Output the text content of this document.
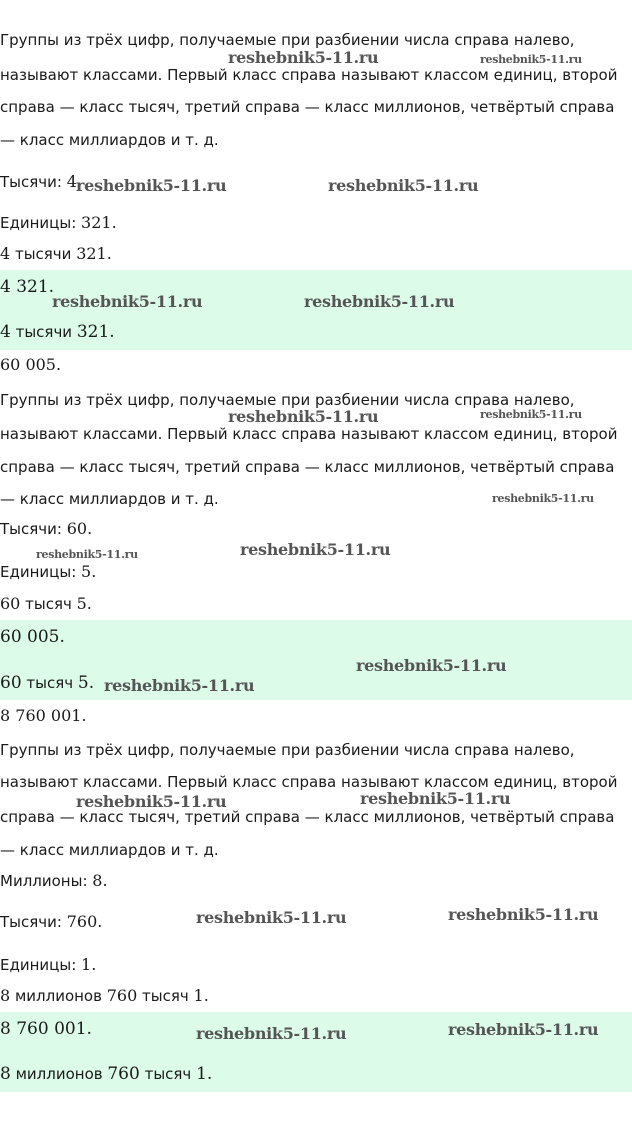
Группы из трёх цифр, получаемые при разбиении числа справа налево,
называют классами. Первый класс справа называют классом единиц, второй
справа — класс тысяч, третий справа — класс миллионов, четвёртый справа
— класс миллиардов и т. д.
Тысячи: 4
Единицы: 321.
4 тысячи 321.
4 321.
4 тысячи 321.
60 005.
Группы из трёх цифр, получаемые при разбиении числа справа налево,
называют классами. Первый класс справа называют классом единиц, второй
справа — класс тысяч, третий справа — класс миллионов, четвёртый справа
— класс миллиардов и т. д.
Тысячи: 60.
Единицы: 5.
60 тысяч 5.
60 005.
60 тысяч 5.
8 760 001.
Группы из трёх цифр, получаемые при разбиении числа справа налево,
называют классами. Первый класс справа называют классом единиц, второй
справа — класс тысяч, третий справа — класс миллионов, четвёртый справа
— класс миллиардов и т. д.
Миллионы: 8.
Тысячи: 760.
Единицы: 1.
8 миллионов 760 тысяч 1.
8 760 001.
8 миллионов 760 тысяч 1.
reshebnik5-11.ru	reshebnik5-11.ru
reshebnik5-11.ru	reshebnik5-11.ru
reshebnik5-11.ru	reshebnik5-11.ru
reshebnik5-11.ru	reshebnik5-11.ru
reshebnik5-11.ru
reshebnik5-11.ru	reshebnik5-11.ru
reshebnik5-11.ru
reshebnik5-11.ru
reshebnik5-11.ru	reshebnik5-11.ru
reshebnik5-11.ru	reshebnik5-11.ru
reshebnik5-11.ru	reshebnik5-11.ru
